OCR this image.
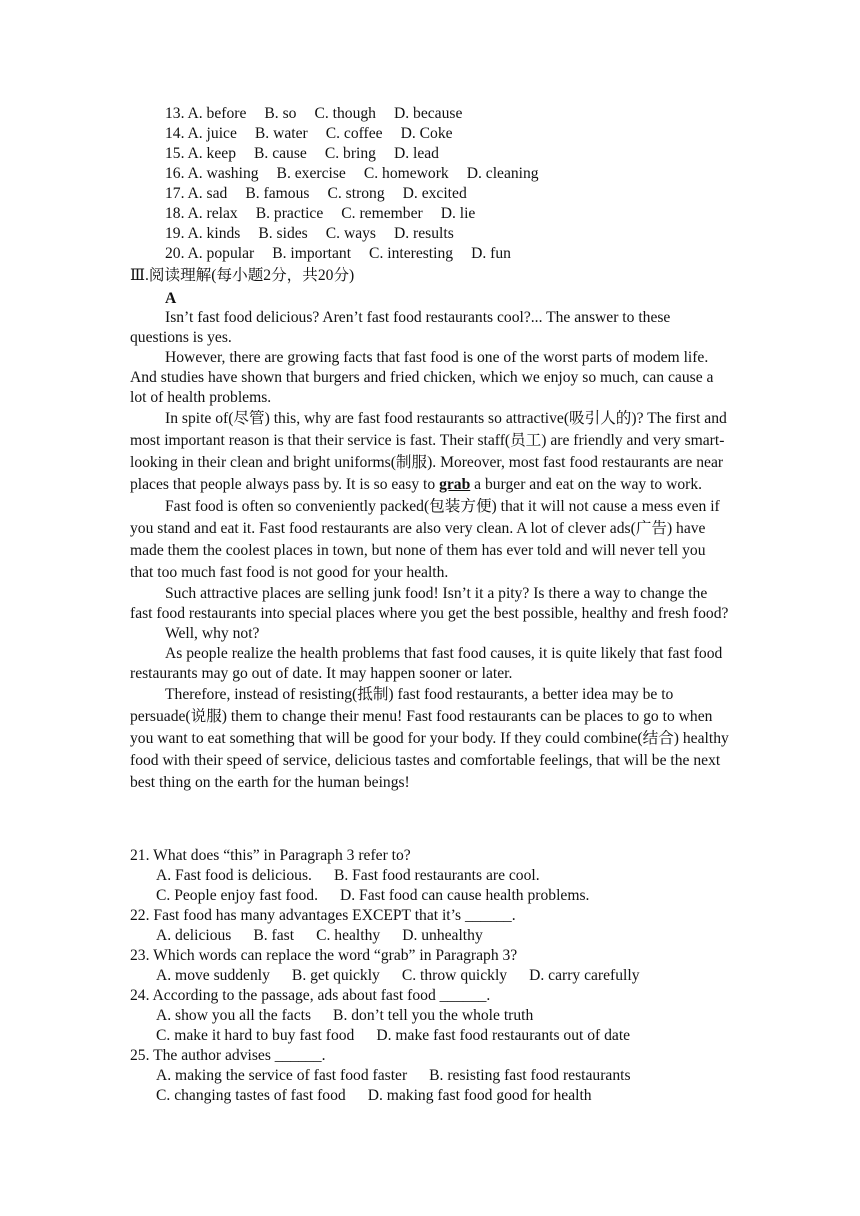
13. A. before B. so C. though D. because
14. A. juice B. water C. coffee D. Coke
15. A. keep B. cause C. bring D. lead
16. A. washing B. exercise C. homework D. cleaning
17. A. sad B. famous C. strong D. excited
18. A. relax B. practice C. remember D. lie
19. A. kinds B. sides C. ways D. results
20. A. popular B. important C. interesting D. fun
Ⅲ.阅读理解(每小题2分，共20分)
A

Isn’t fast food delicious? Aren’t fast food restaurants cool?... The answer to these questions is yes.

However, there are growing facts that fast food is one of the worst parts of modem life. And studies have shown that burgers and fried chicken, which we enjoy so much, can cause a lot of health problems.

In spite of(尽管) this, why are fast food restaurants so attractive(吸引人的)? The first and most important reason is that their service is fast. Their staff(员工) are friendly and very smart-looking in their clean and bright uniforms(制服). Moreover, most fast food restaurants are near places that people always pass by. It is so easy to grab a burger and eat on the way to work.

Fast food is often so conveniently packed(包装方便) that it will not cause a mess even if you stand and eat it. Fast food restaurants are also very clean. A lot of clever ads(广告) have made them the coolest places in town, but none of them has ever told and will never tell you that too much fast food is not good for your health.

Such attractive places are selling junk food! Isn’t it a pity? Is there a way to change the fast food restaurants into special places where you get the best possible, healthy and fresh food?

Well, why not?

As people realize the health problems that fast food causes, it is quite likely that fast food restaurants may go out of date. It may happen sooner or later.

Therefore, instead of resisting(抵制) fast food restaurants, a better idea may be to persuade(说服) them to change their menu! Fast food restaurants can be places to go to when you want to eat something that will be good for your body. If they could combine(结合) healthy food with their speed of service, delicious tastes and comfortable feelings, that will be the next best thing on the earth for the human beings!

21. What does “this” in Paragraph 3 refer to?
A. Fast food is delicious. B. Fast food restaurants are cool.
C. People enjoy fast food. D. Fast food can cause health problems.
22. Fast food has many advantages EXCEPT that it’s ______.
A. delicious B. fast C. healthy D. unhealthy
23. Which words can replace the word “grab” in Paragraph 3?
A. move suddenly B. get quickly C. throw quickly D. carry carefully
24. According to the passage, ads about fast food ______.
A. show you all the facts B. don’t tell you the whole truth
C. make it hard to buy fast food D. make fast food restaurants out of date
25. The author advises ______.
A. making the service of fast food faster B. resisting fast food restaurants
C. changing tastes of fast food D. making fast food good for health
